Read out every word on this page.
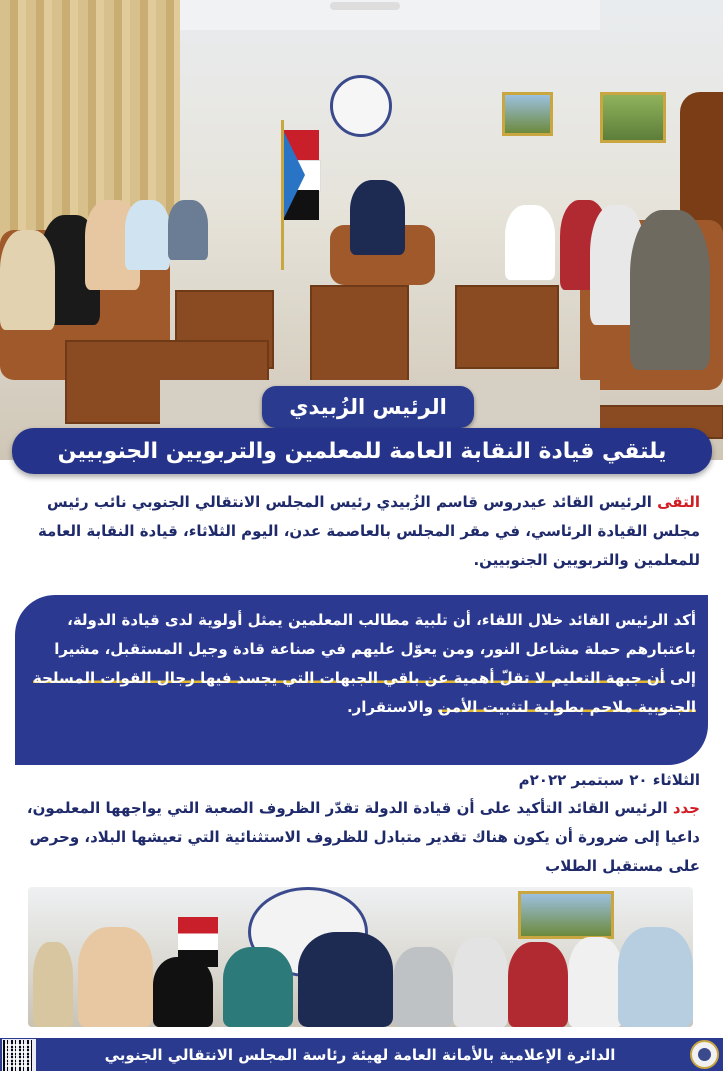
الرئيس الزُبيدي
يلتقي قيادة النقابة العامة للمعلمين والتربويين الجنوبيين
التقى الرئيس القائد عيدروس قاسم الزُبيدي رئيس المجلس الانتقالي الجنوبي نائب رئيس مجلس القيادة الرئاسي، في مقر المجلس بالعاصمة عدن، اليوم الثلاثاء، قيادة النقابة العامة للمعلمين والتربويين الجنوبيين.
أكد الرئيس القائد خلال اللقاء، أن تلبية مطالب المعلمين يمثل أولوية لدى قيادة الدولة، باعتبارهم حملة مشاعل النور، ومن يعوّل عليهم في صناعة قادة وجيل المستقبل، مشيرا إلى أن جبهة التعليم لا تقلّ أهمية عن باقي الجبهات التي يجسد فيها رجال القوات المسلحة الجنوبية ملاحم بطولية لتثبيت الأمن والاستقرار.
الثلاثاء ٢٠ سبتمبر ٢٠٢٢م
جدد الرئيس القائد التأكيد على أن قيادة الدولة تقدّر الظروف الصعبة التي يواجهها المعلمون، داعيا إلى ضرورة أن يكون هناك تقدير متبادل للظروف الاستثنائية التي تعيشها البلاد، وحرص على مستقبل الطلاب
الدائرة الإعلامية بالأمانة العامة لهيئة رئاسة المجلس الانتقالي الجنوبي
